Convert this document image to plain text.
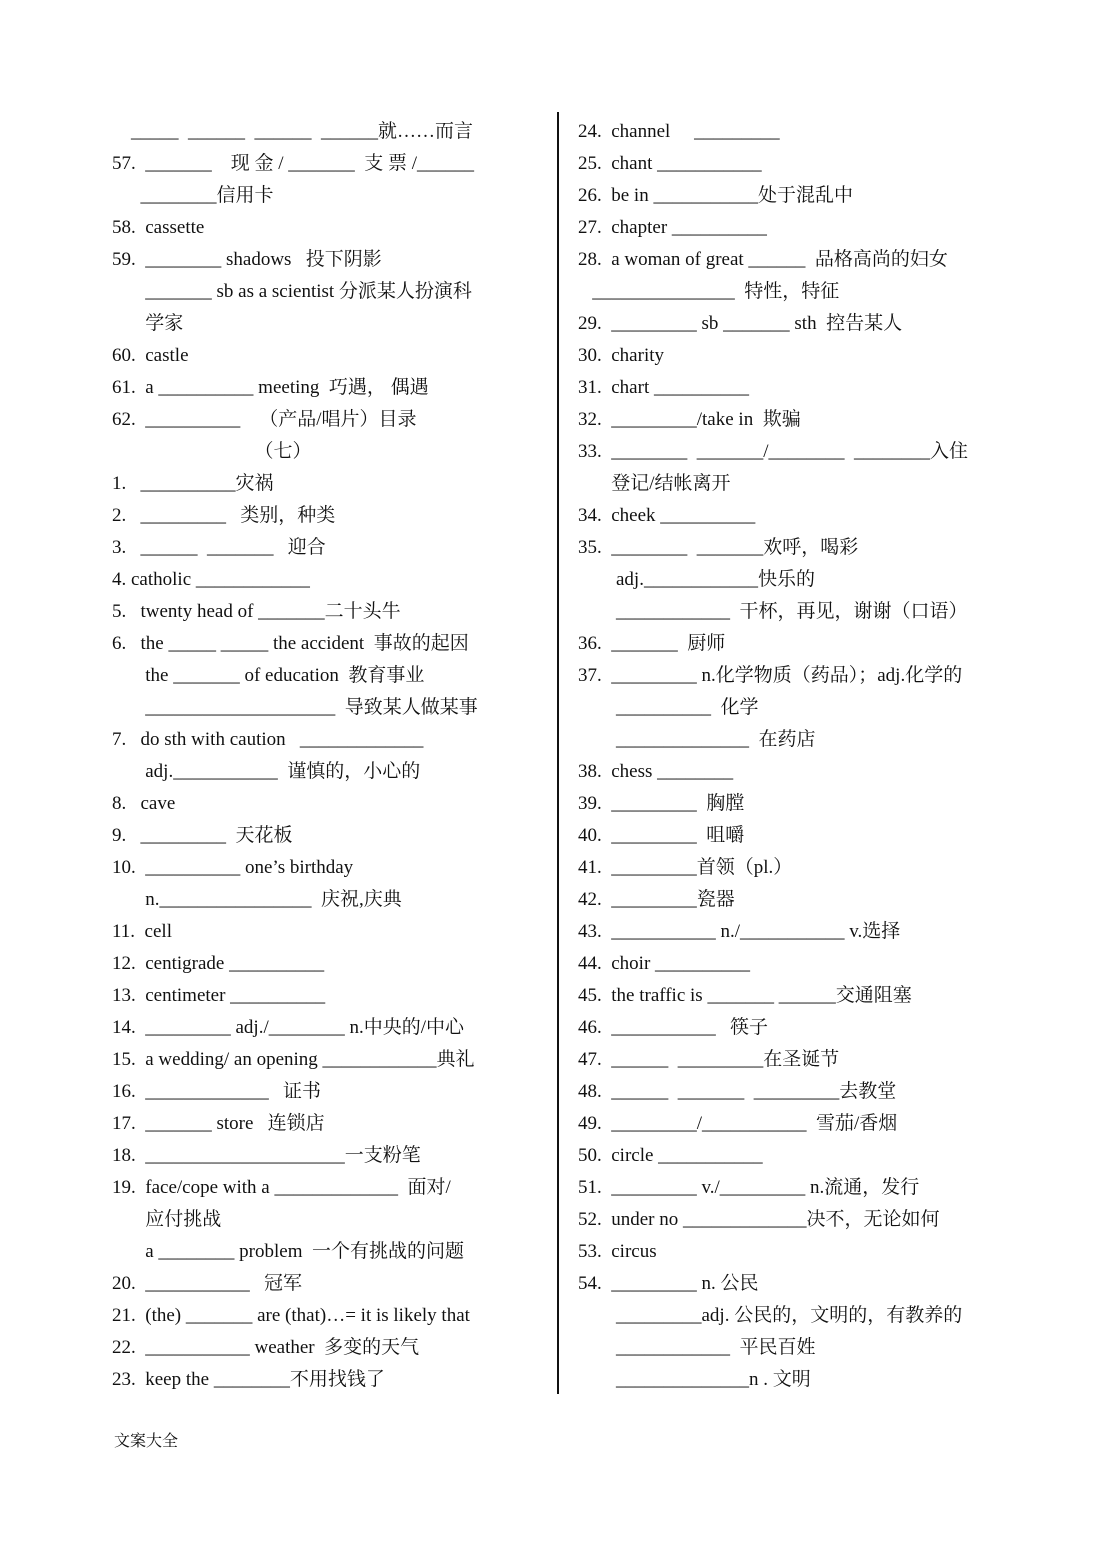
_____  ______  ______  ______就……而言
57.  _______    现 金 / _______  支 票 /______
________信用卡
58.  cassette
59.  ________ shadows   投下阴影
_______ sb as a scientist 分派某人扮演科
学家
60.  castle
61.  a __________ meeting  巧遇， 偶遇
62.  __________    （产品/唱片）目录
（七）
1.   __________灾祸
2.   _________   类别，种类
3.   ______  _______   迎合
4. catholic ____________
5.   twenty head of _______二十头牛
6.   the _____ _____ the accident  事故的起因
the _______ of education  教育事业
____________________  导致某人做某事
7.   do sth with caution   _____________
adj.___________  谨慎的，小心的
8.   cave
9.   _________  天花板
10.  __________ one’s birthday
n.________________  庆祝,庆典
11.  cell
12.  centigrade __________
13.  centimeter __________
14.  _________ adj./________ n.中央的/中心
15.  a wedding/ an opening ____________典礼
16.  _____________   证书
17.  _______ store   连锁店
18.  _____________________一支粉笔
19.  face/cope with a _____________  面对/
应付挑战
a ________ problem  一个有挑战的问题
20.  ___________   冠军
21.  (the) _______ are (that)…= it is likely that
22.  ___________ weather  多变的天气
23.  keep the ________不用找钱了
24.  channel     _________
25.  chant ___________
26.  be in ___________处于混乱中
27.  chapter __________
28.  a woman of great ______  品格高尚的妇女
_______________  特性，特征
29.  _________ sb _______ sth  控告某人
30.  charity
31.  chart __________
32.  _________/take in  欺骗
33.  ________  _______/________  ________入住
登记/结帐离开
34.  cheek __________
35.  ________  _______欢呼，喝彩
adj.____________快乐的
____________  干杯，再见，谢谢（口语）
36.  _______  厨师
37.  _________ n.化学物质（药品）；adj.化学的
__________  化学
______________  在药店
38.  chess ________
39.  _________  胸膛
40.  _________  咀嚼
41.  _________首领（pl.）
42.  _________瓷器
43.  ___________ n./___________ v.选择
44.  choir __________
45.  the traffic is _______ ______交通阻塞
46.  ___________   筷子
47.  ______  _________在圣诞节
48.  ______  _______  _________去教堂
49.  _________/___________  雪茄/香烟
50.  circle ___________
51.  _________ v./_________ n.流通，发行
52.  under no _____________决不，无论如何
53.  circus
54.  _________ n. 公民
_________adj. 公民的，文明的，有教养的
____________  平民百姓
______________n . 文明
文案大全
